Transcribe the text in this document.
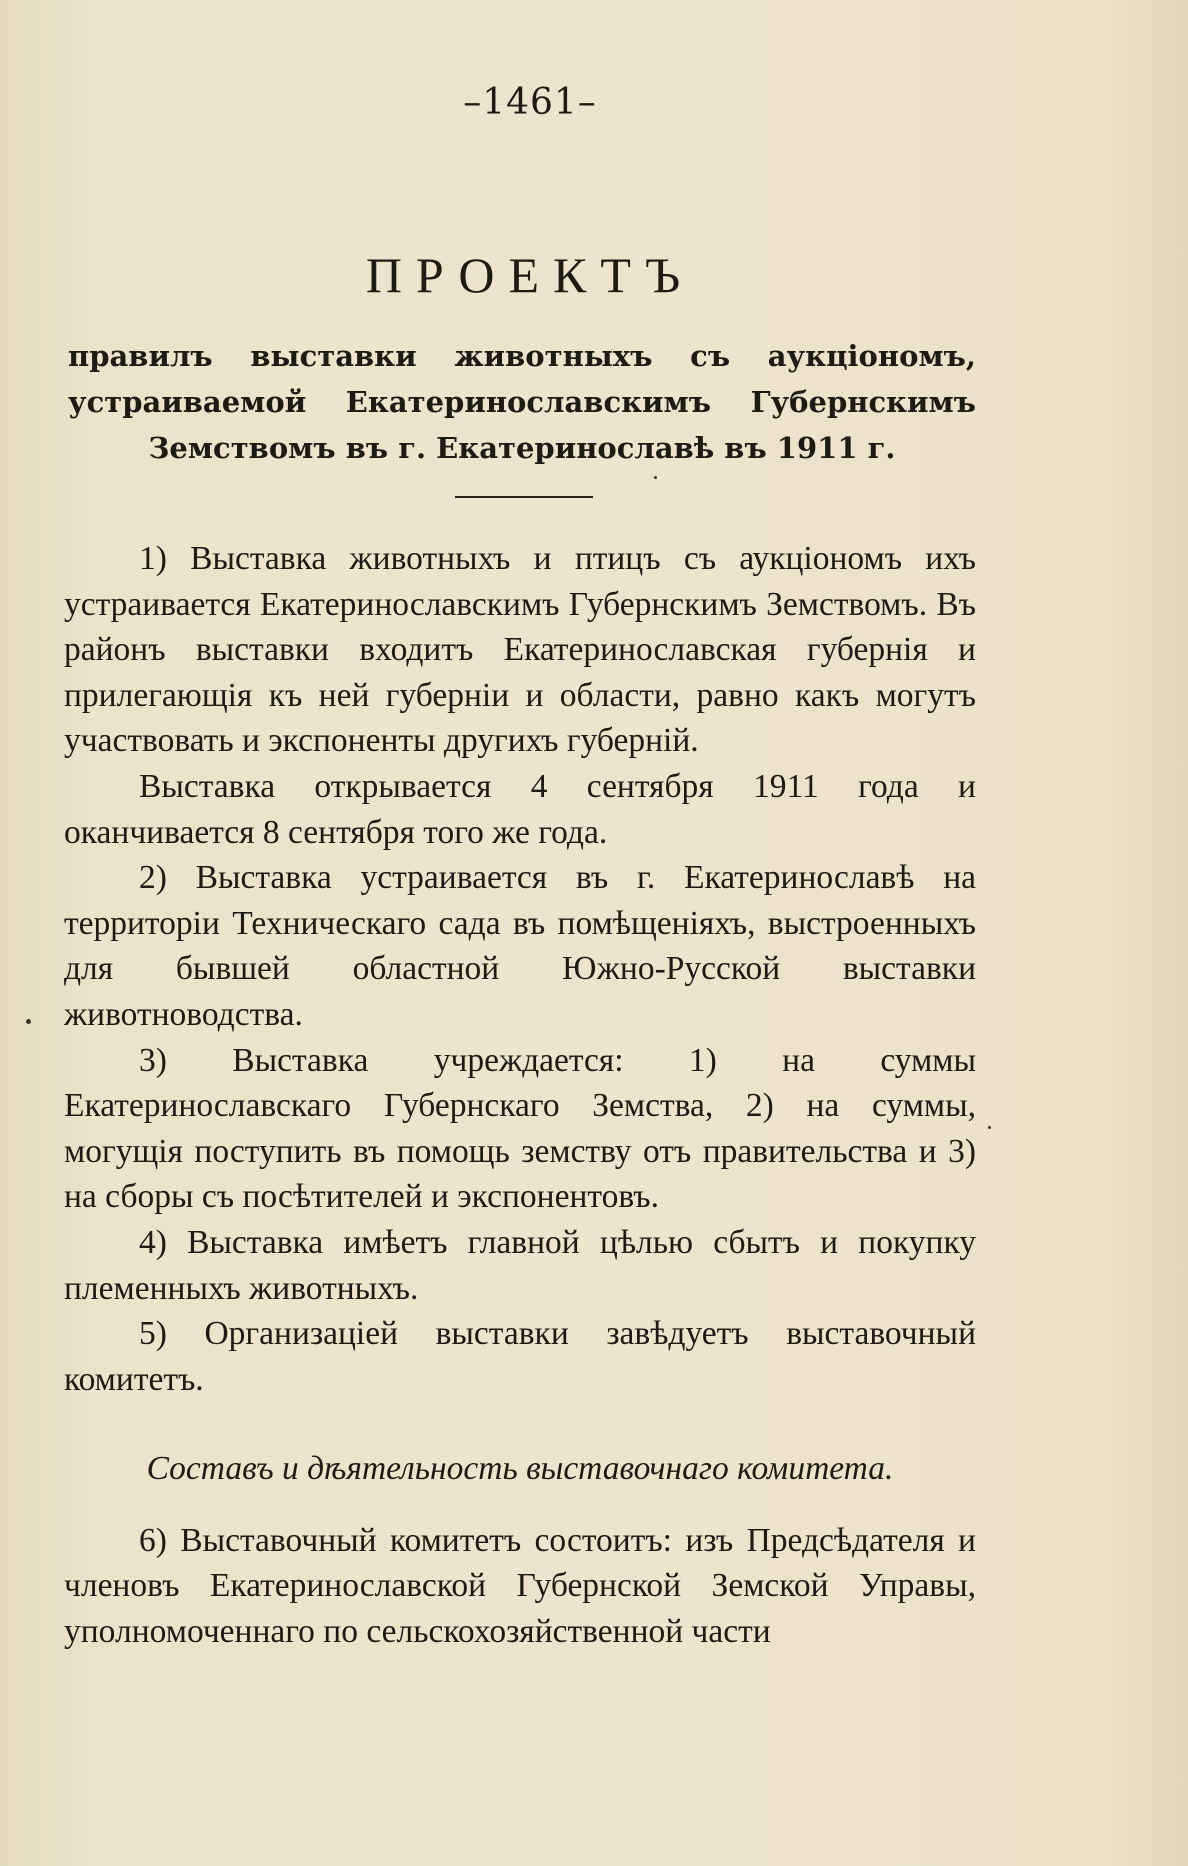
–1461–
ПРОЕКТЪ
правилъ выставки животныхъ съ аукціономъ, устраиваемой Екатеринославскимъ Губернскимъ Земствомъ въ г. Екатеринославѣ въ 1911 г.

1) Выставка животныхъ и птицъ съ аукціономъ ихъ устраивается Екатеринославскимъ Губернскимъ Земствомъ. Въ районъ выставки входитъ Екатеринославская губернія и прилегающія къ ней губерніи и области, равно какъ могутъ участвовать и экспоненты другихъ губерній.

Выставка открывается 4 сентября 1911 года и оканчивается 8 сентября того же года.

2) Выставка устраивается въ г. Екатеринославѣ на территоріи Техническаго сада въ помѣщеніяхъ, выстроенныхъ для бывшей областной Южно-Русской выставки животноводства.

3) Выставка учреждается: 1) на суммы Екатеринославскаго Губернскаго Земства, 2) на суммы, могущія поступить въ помощь земству отъ правительства и 3) на сборы съ посѣтителей и экспонентовъ.

4) Выставка имѣетъ главной цѣлью сбытъ и покупку племенныхъ животныхъ.

5) Организаціей выставки завѣдуетъ выставочный комитетъ.

Составъ и дѣятельность выставочнаго комитета.

6) Выставочный комитетъ состоитъ: изъ Предсѣдателя и членовъ Екатеринославской Губернской Земской Управы, уполномоченнаго по сельскохозяйственной части
